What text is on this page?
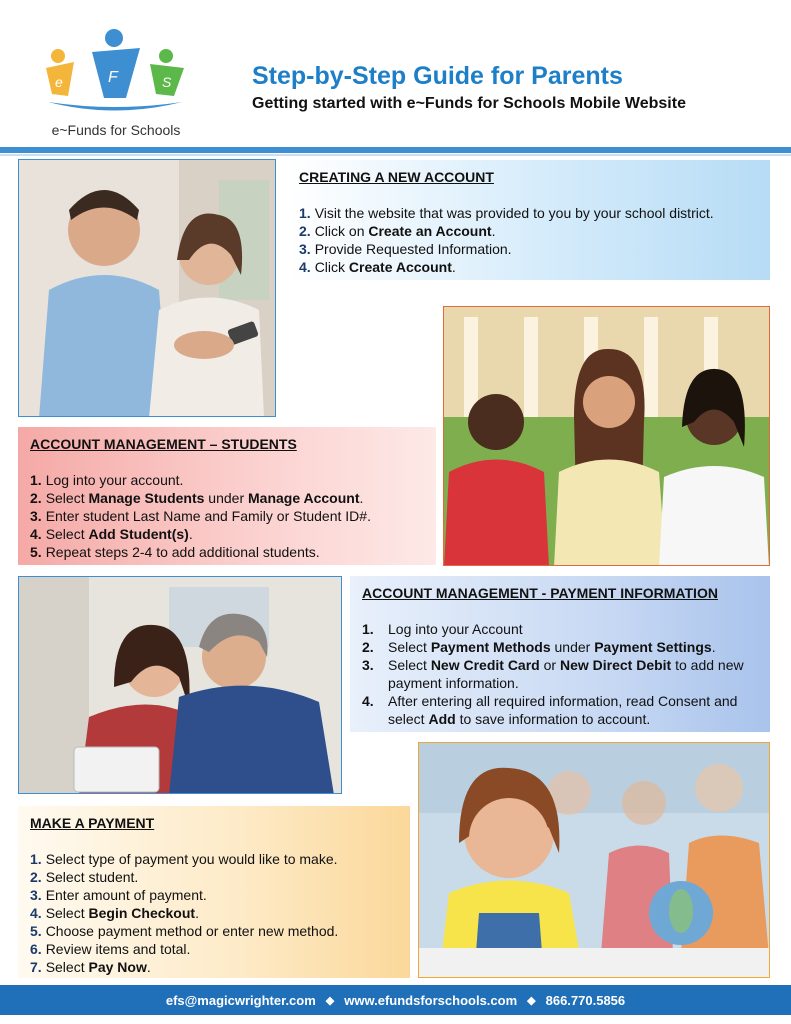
e	F	S
e~Funds for Schools
Step-by-Step Guide for Parents
Getting started with e~Funds for Schools Mobile Website
CREATING A NEW ACCOUNT
1. Visit the website that was provided to you by your school district.
2. Click on Create an Account.
3. Provide Requested Information.
4. Click Create Account.
ACCOUNT MANAGEMENT – STUDENTS
1. Log into your account.
2. Select Manage Students under Manage Account.
3. Enter student Last Name and Family or Student ID#.
4. Select Add Student(s).
5. Repeat steps 2-4 to add additional students.
ACCOUNT MANAGEMENT - PAYMENT INFORMATION
1.	Log into your Account
2.	Select Payment Methods under Payment Settings.
3.	Select New Credit Card or New Direct Debit to add new payment information.
4.	After entering all required information, read Consent and select Add to save information to account.
MAKE A PAYMENT
1. Select type of payment you would like to make.
2. Select student.
3. Enter amount of payment.
4. Select Begin Checkout.
5. Choose payment method or enter new method.
6. Review items and total.
7. Select Pay Now.
efs@magicwrighter.com ◆ www.efundsforschools.com ◆ 866.770.5856
